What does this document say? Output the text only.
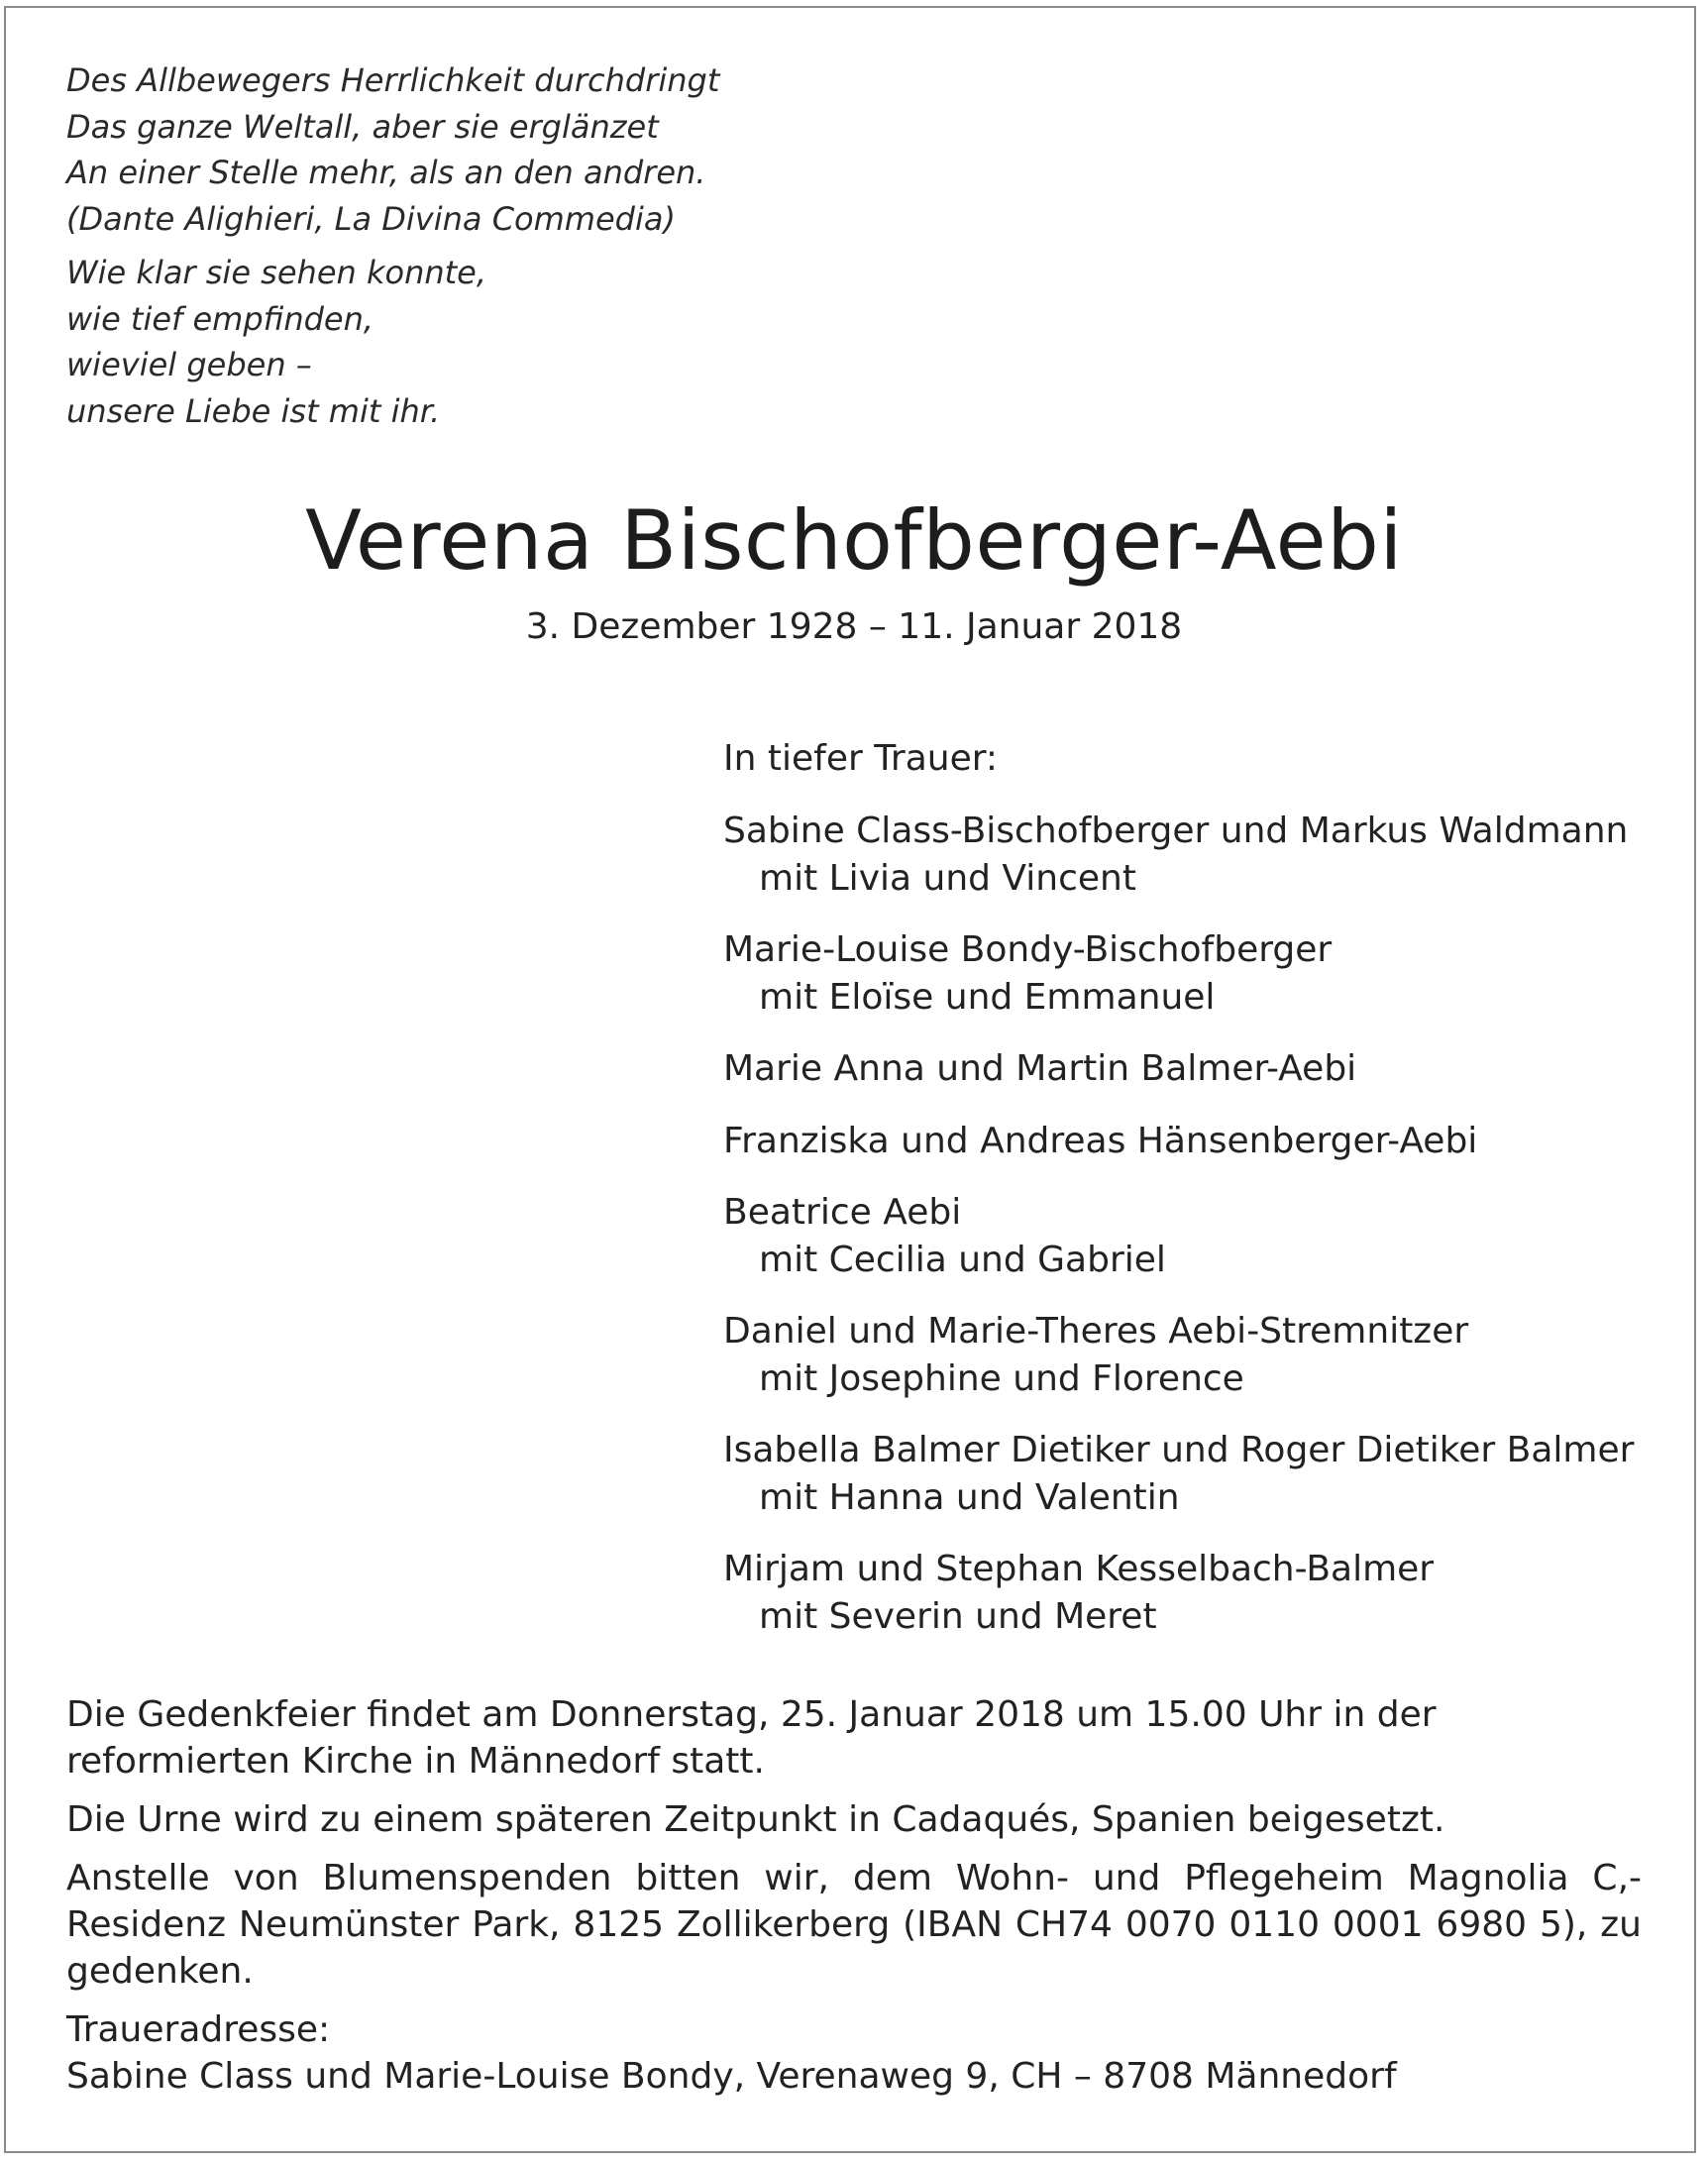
Des Allbewegers Herrlichkeit durchdringt
Das ganze Weltall, aber sie erglänzet
An einer Stelle mehr, als an den andren.
(Dante Alighieri, La Divina Commedia)
Wie klar sie sehen konnte,
wie tief empfinden,
wieviel geben –
unsere Liebe ist mit ihr.
Verena Bischofberger-Aebi
3. Dezember 1928 – 11. Januar 2018
In tiefer Trauer:
Sabine Class-Bischofberger und Markus Waldmann
mit Livia und Vincent
Marie-Louise Bondy-Bischofberger
mit Eloïse und Emmanuel
Marie Anna und Martin Balmer-Aebi
Franziska und Andreas Hänsenberger-Aebi
Beatrice Aebi
mit Cecilia und Gabriel
Daniel und Marie-Theres Aebi-Stremnitzer
mit Josephine und Florence
Isabella Balmer Dietiker und Roger Dietiker Balmer
mit Hanna und Valentin
Mirjam und Stephan Kesselbach-Balmer
mit Severin und Meret

Die Gedenkfeier findet am Donnerstag, 25. Januar 2018 um 15.00 Uhr in der reformierten Kirche in Männedorf statt.

Die Urne wird zu einem späteren Zeitpunkt in Cadaqués, Spanien beigesetzt.

Anstelle von Blumenspenden bitten wir, dem Wohn- und Pflegeheim Magnolia C,-Residenz Neumünster Park, 8125 Zollikerberg (IBAN CH74 0070 0110 0001 6980 5), zu gedenken.

Traueradresse:
Sabine Class und Marie-Louise Bondy, Verenaweg 9, CH – 8708 Männedorf
